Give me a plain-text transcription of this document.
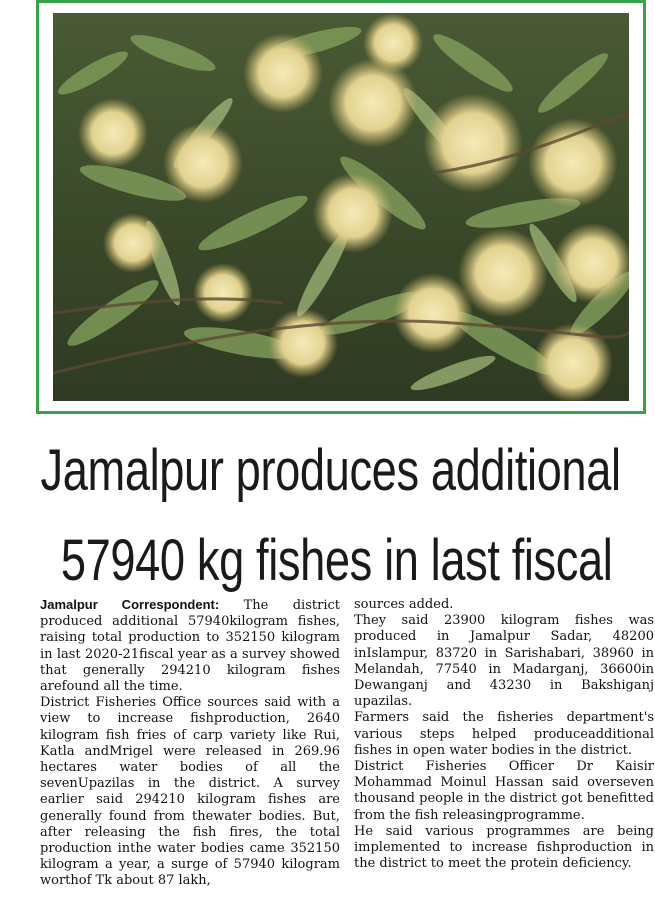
Jamalpur produces additional
57940 kg fishes in last fiscal

Jamalpur Correspondent: The district produced additional 57940kilogram fishes, raising total production to 352150 kilogram in last 2020-21fiscal year as a survey showed that generally 294210 kilogram fishes arefound all the time.

District Fisheries Office sources said with a view to increase fishproduction, 2640 kilogram fish fries of carp variety like Rui, Katla andMrigel were released in 269.96 hectares water bodies of all the sevenUpazilas in the district. A survey earlier said 294210 kilogram fishes are generally found from thewater bodies. But, after releasing the fish fires, the total production inthe water bodies came 352150 kilogram a year, a surge of 57940 kilogram worthof Tk about 87 lakh,

sources added.

They said 23900 kilogram fishes was produced in Jamalpur Sadar, 48200 inIslampur, 83720 in Sarishabari, 38960 in Melandah, 77540 in Madarganj, 36600in Dewanganj and 43230 in Bakshiganj upazilas.

Farmers said the fisheries department's various steps helped produceadditional fishes in open water bodies in the district.

District Fisheries Officer Dr Kaisir Mohammad Moinul Hassan said overseven thousand people in the district got benefitted from the fish releasingprogramme.

He said various programmes are being implemented to increase fishproduction in the district to meet the protein deficiency.
